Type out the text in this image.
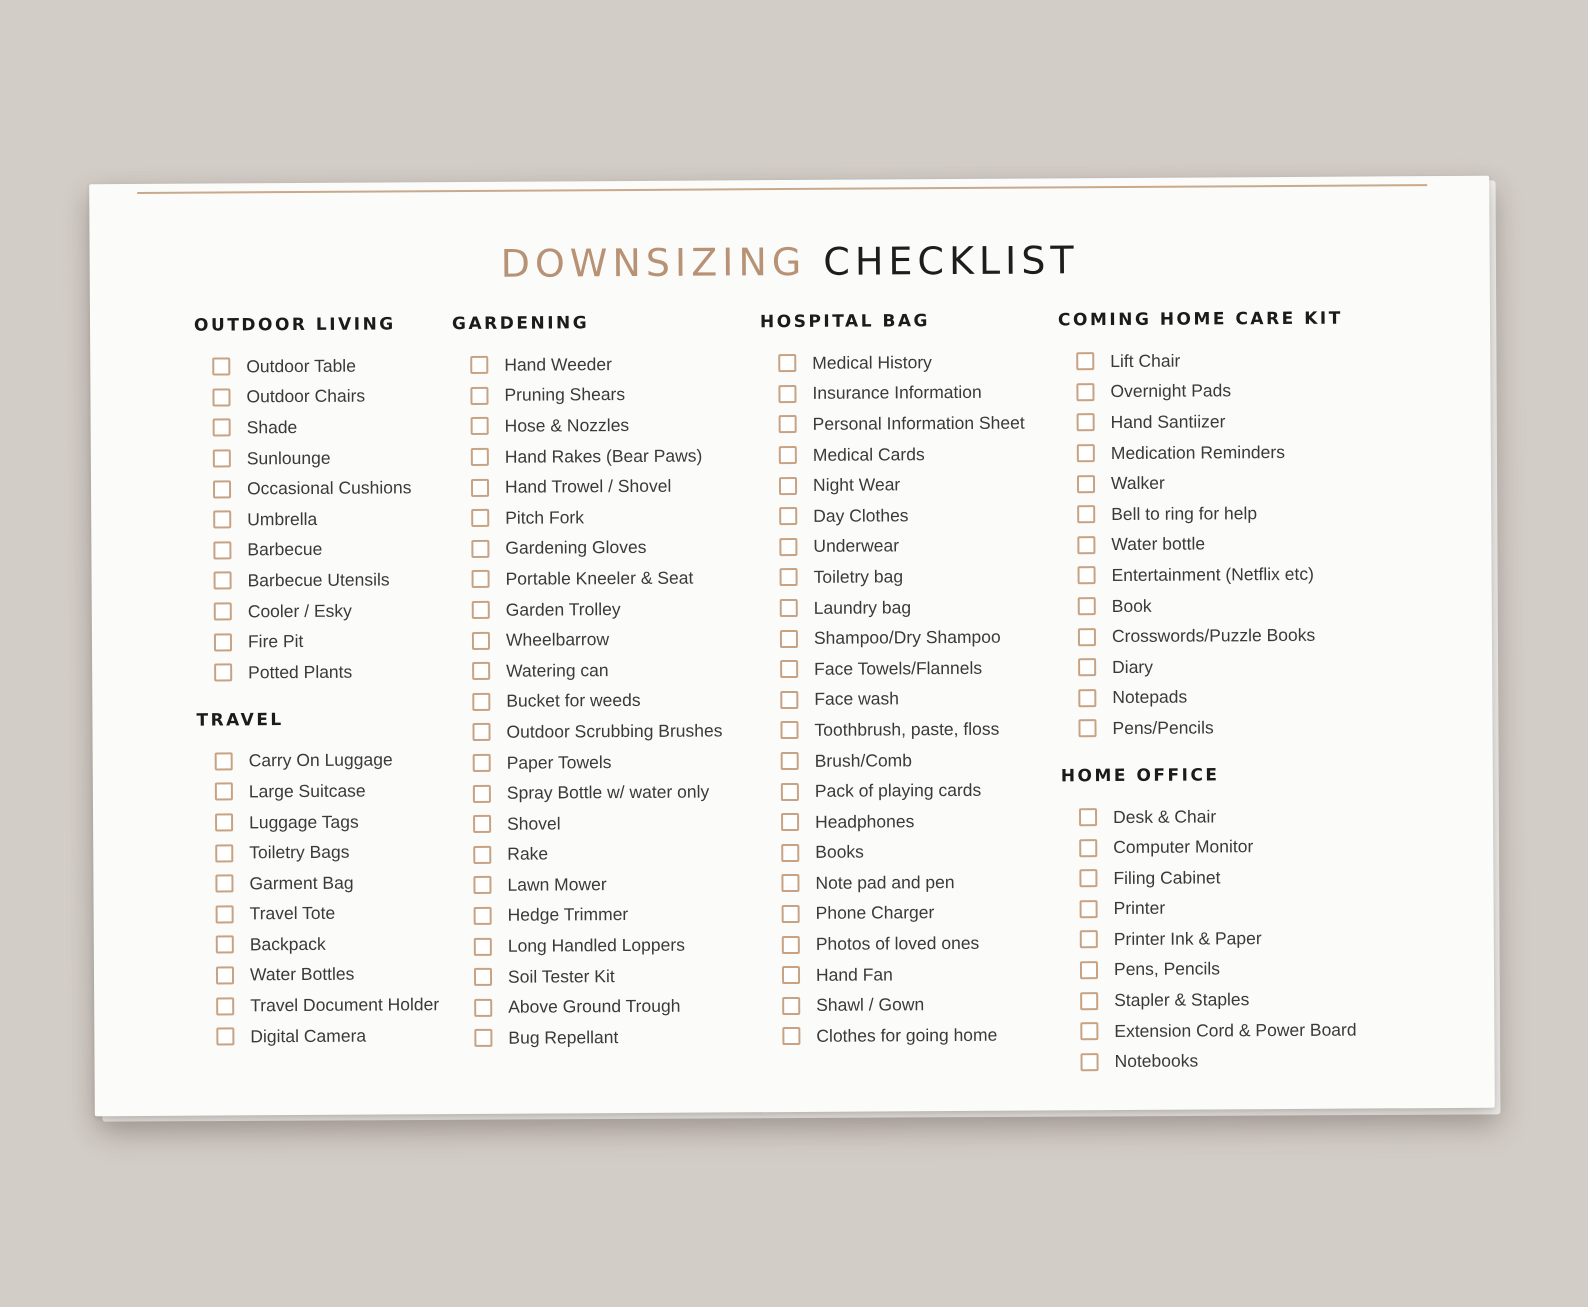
DOWNSIZING CHECKLIST
OUTDOOR LIVING
Outdoor Table
Outdoor Chairs
Shade
Sunlounge
Occasional Cushions
Umbrella
Barbecue
Barbecue Utensils
Cooler / Esky
Fire Pit
Potted Plants
TRAVEL
Carry On Luggage
Large Suitcase
Luggage Tags
Toiletry Bags
Garment Bag
Travel Tote
Backpack
Water Bottles
Travel Document Holder
Digital Camera
GARDENING
Hand Weeder
Pruning Shears
Hose & Nozzles
Hand Rakes (Bear Paws)
Hand Trowel / Shovel
Pitch Fork
Gardening Gloves
Portable Kneeler & Seat
Garden Trolley
Wheelbarrow
Watering can
Bucket for weeds
Outdoor Scrubbing Brushes
Paper Towels
Spray Bottle w/ water only
Shovel
Rake
Lawn Mower
Hedge Trimmer
Long Handled Loppers
Soil Tester Kit
Above Ground Trough
Bug Repellant
HOSPITAL BAG
Medical History
Insurance Information
Personal Information Sheet
Medical Cards
Night Wear
Day Clothes
Underwear
Toiletry bag
Laundry bag
Shampoo/Dry Shampoo
Face Towels/Flannels
Face wash
Toothbrush, paste, floss
Brush/Comb
Pack of playing cards
Headphones
Books
Note pad and pen
Phone Charger
Photos of loved ones
Hand Fan
Shawl / Gown
Clothes for going home
COMING HOME CARE KIT
Lift Chair
Overnight Pads
Hand Santiizer
Medication Reminders
Walker
Bell to ring for help
Water bottle
Entertainment (Netflix etc)
Book
Crosswords/Puzzle Books
Diary
Notepads
Pens/Pencils
HOME OFFICE
Desk & Chair
Computer Monitor
Filing Cabinet
Printer
Printer Ink & Paper
Pens, Pencils
Stapler & Staples
Extension Cord & Power Board
Notebooks
